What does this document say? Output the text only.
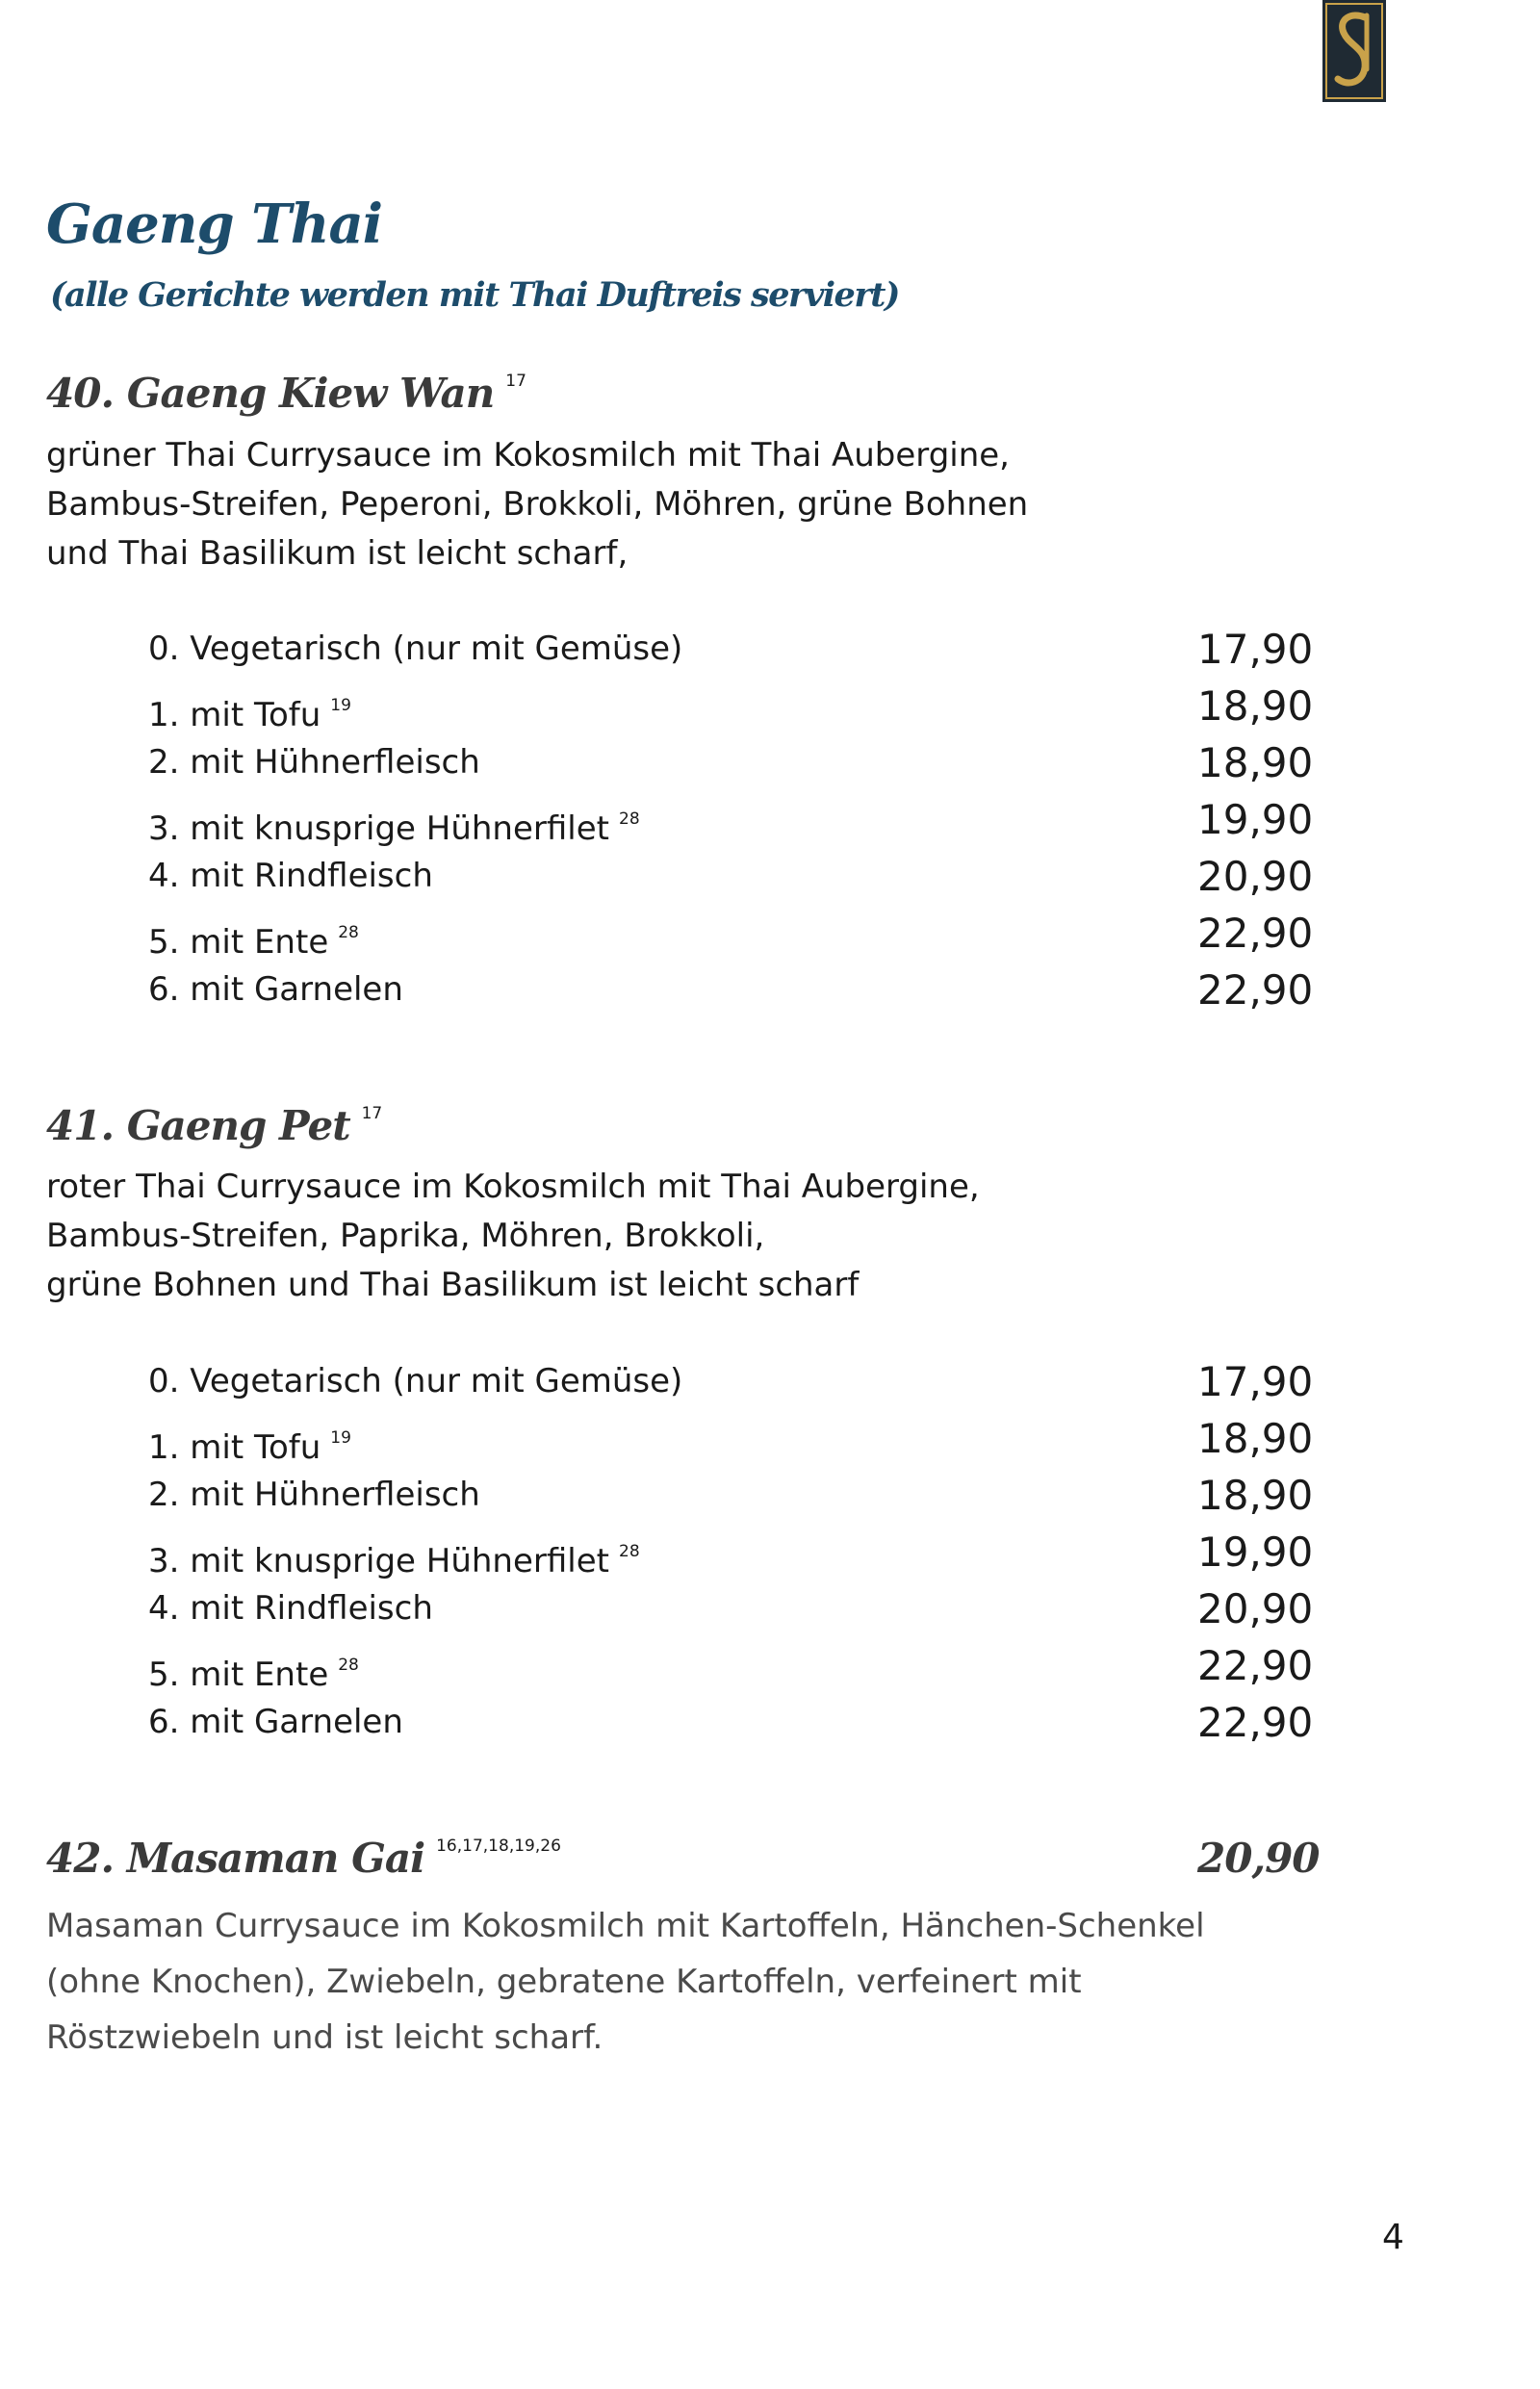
Gaeng Thai

(alle Gerichte werden mit Thai Duftreis serviert)

40. Gaeng Kiew Wan $^{17}$
grüner Thai Currysauce im Kokosmilch mit Thai Aubergine,
Bambus-Streifen, Peperoni, Brokkoli, Möhren, grüne Bohnen
und Thai Basilikum ist leicht scharf,
0. Vegetarisch (nur mit Gemüse)	17,90
1. mit Tofu $^{19}$	18,90
2. mit Hühnerfleisch	18,90
3. mit knusprige Hühnerfilet $^{28}$	19,90
4. mit Rindfleisch	20,90
5. mit Ente $^{28}$	22,90
6. mit Garnelen	22,90
41. Gaeng Pet $^{17}$
roter Thai Currysauce im Kokosmilch mit Thai Aubergine,
Bambus-Streifen, Paprika, Möhren, Brokkoli,
grüne Bohnen und Thai Basilikum ist leicht scharf
0. Vegetarisch (nur mit Gemüse)	17,90
1. mit Tofu $^{19}$	18,90
2. mit Hühnerfleisch	18,90
3. mit knusprige Hühnerfilet $^{28}$	19,90
4. mit Rindfleisch	20,90
5. mit Ente $^{28}$	22,90
6. mit Garnelen	22,90
42. Masaman Gai $^{16,17,18,19,26}$	20,90
Masaman Currysauce im Kokosmilch mit Kartoffeln, Hänchen-Schenkel
(ohne Knochen), Zwiebeln, gebratene Kartoffeln, verfeinert mit
Röstzwiebeln und ist leicht scharf.
4
